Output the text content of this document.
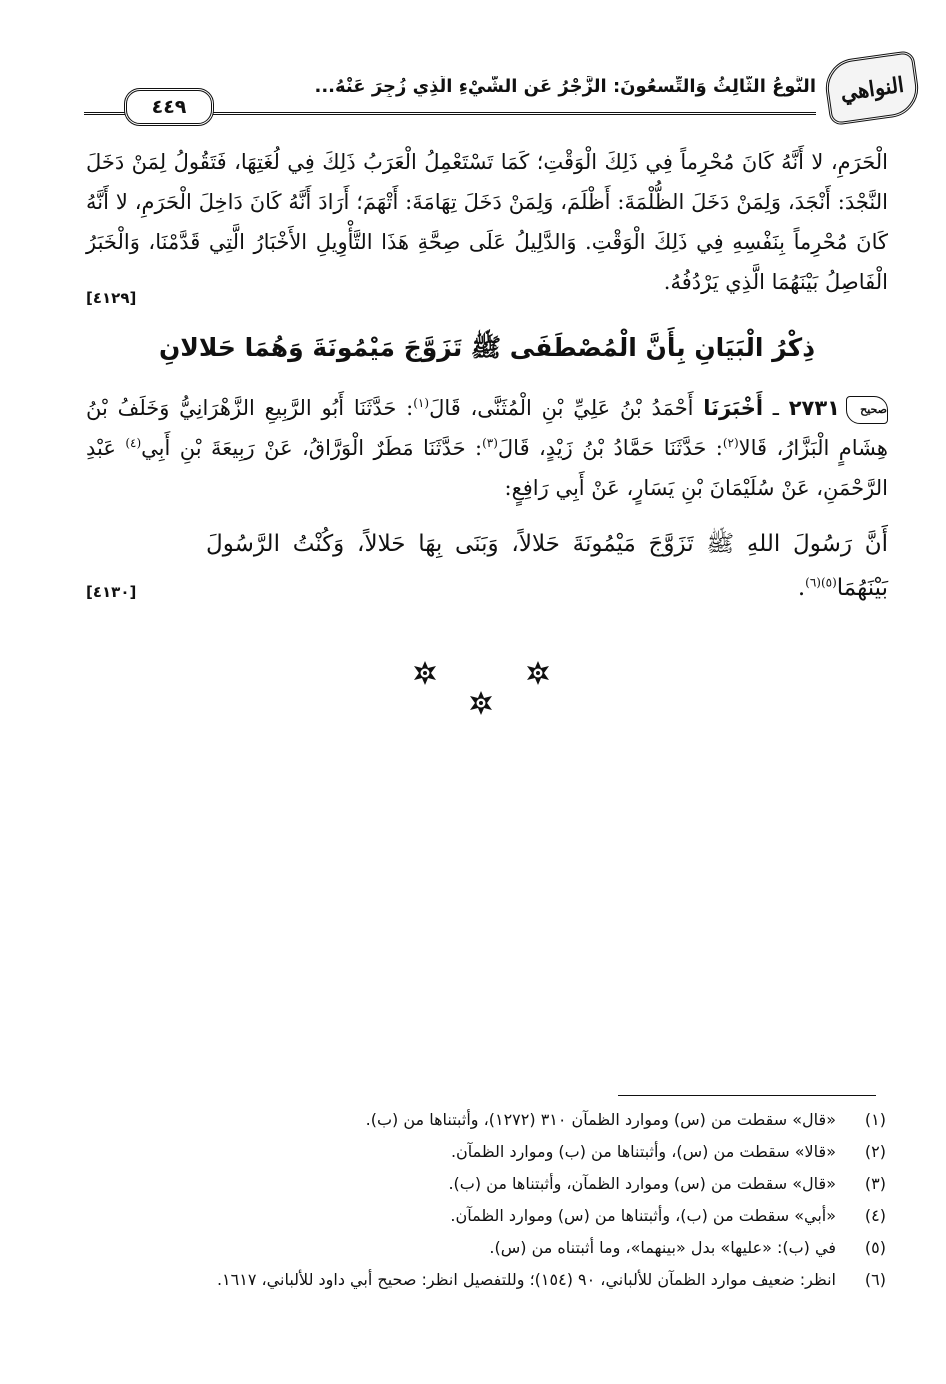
النواهي
النَّوعُ الثَّالِثُ وَالتِّسعُونَ: الزَّجْرُ عَنِ الشَّيْءِ الَّذِي زُجِرَ عَنْهُ...
٤٤٩

الْحَرَمِ، لا أَنَّهُ كَانَ مُحْرِماً فِي ذَلِكَ الْوَقْتِ؛ كَمَا تَسْتَعْمِلُ الْعَرَبُ ذَلِكَ فِي لُغَتِهَا، فَتَقُولُ لِمَنْ دَخَلَ النَّجْدَ: أَنْجَدَ، وَلِمَنْ دَخَلَ الظُّلْمَةَ: أَظْلَمَ، وَلِمَنْ دَخَلَ تِهَامَةَ: أَتْهَمَ؛ أَرَادَ أَنَّهُ كَانَ دَاخِلَ الْحَرَمِ، لا أَنَّهُ كَانَ مُحْرِماً بِنَفْسِهِ فِي ذَلِكَ الْوَقْتِ. وَالدَّلِيلُ عَلَى صِحَّةِ هَذَا التَّأْوِيلِ الأَخْبَارُ الَّتِي قَدَّمْنَا، وَالْخَبَرُ الْفَاصِلُ بَيْنَهُمَا الَّذِي يَرْدُفُهُ.

[٤١٢٩]
ذِكْرُ الْبَيَانِ بِأَنَّ الْمُصْطَفَى ﷺ تَزَوَّجَ مَيْمُونَةَ وَهُمَا حَلالانِ

صحيح٢٧٣١ ـ أَخْبَرَنَا أَحْمَدُ بْنُ عَلِيِّ بْنِ الْمُثَنَّى، قَالَ$^{(١)}$: حَدَّثَنَا أَبُو الرَّبِيعِ الزَّهْرَانِيُّ وَخَلَفُ بْنُ هِشَامٍ الْبَزَّارُ، قَالا$^{(٢)}$: حَدَّثَنَا حَمَّادُ بْنُ زَيْدٍ، قَالَ$^{(٣)}$: حَدَّثَنَا مَطَرٌ الْوَرَّاقُ، عَنْ رَبِيعَةَ بْنِ أَبِي$^{(٤)}$ عَبْدِ الرَّحْمَنِ، عَنْ سُلَيْمَانَ بْنِ يَسَارٍ، عَنْ أَبِي رَافِعٍ:

أَنَّ رَسُولَ اللهِ ﷺ تَزَوَّجَ مَيْمُونَةَ حَلالاً، وَبَنَى بِهَا حَلالاً، وَكُنْتُ الرَّسُولَ بَيْنَهُمَا$^{(٥)(٦)}$.

[٤١٣٠]
(١)
«قال» سقطت من (س) وموارد الظمآن ٣١٠ (١٢٧٢)، وأثبتناها من (ب).
(٢)
«قالا» سقطت من (س)، وأثبتناها من (ب) وموارد الظمآن.
(٣)
«قال» سقطت من (س) وموارد الظمآن، وأثبتناها من (ب).
(٤)
«أبي» سقطت من (ب)، وأثبتناها من (س) وموارد الظمآن.
(٥)
في (ب): «عليها» بدل «بينهما»، وما أثبتناه من (س).
(٦)
انظر: ضعيف موارد الظمآن للألباني، ٩٠ (١٥٤)؛ وللتفصيل انظر: صحيح أبي داود للألباني، ١٦١٧.
